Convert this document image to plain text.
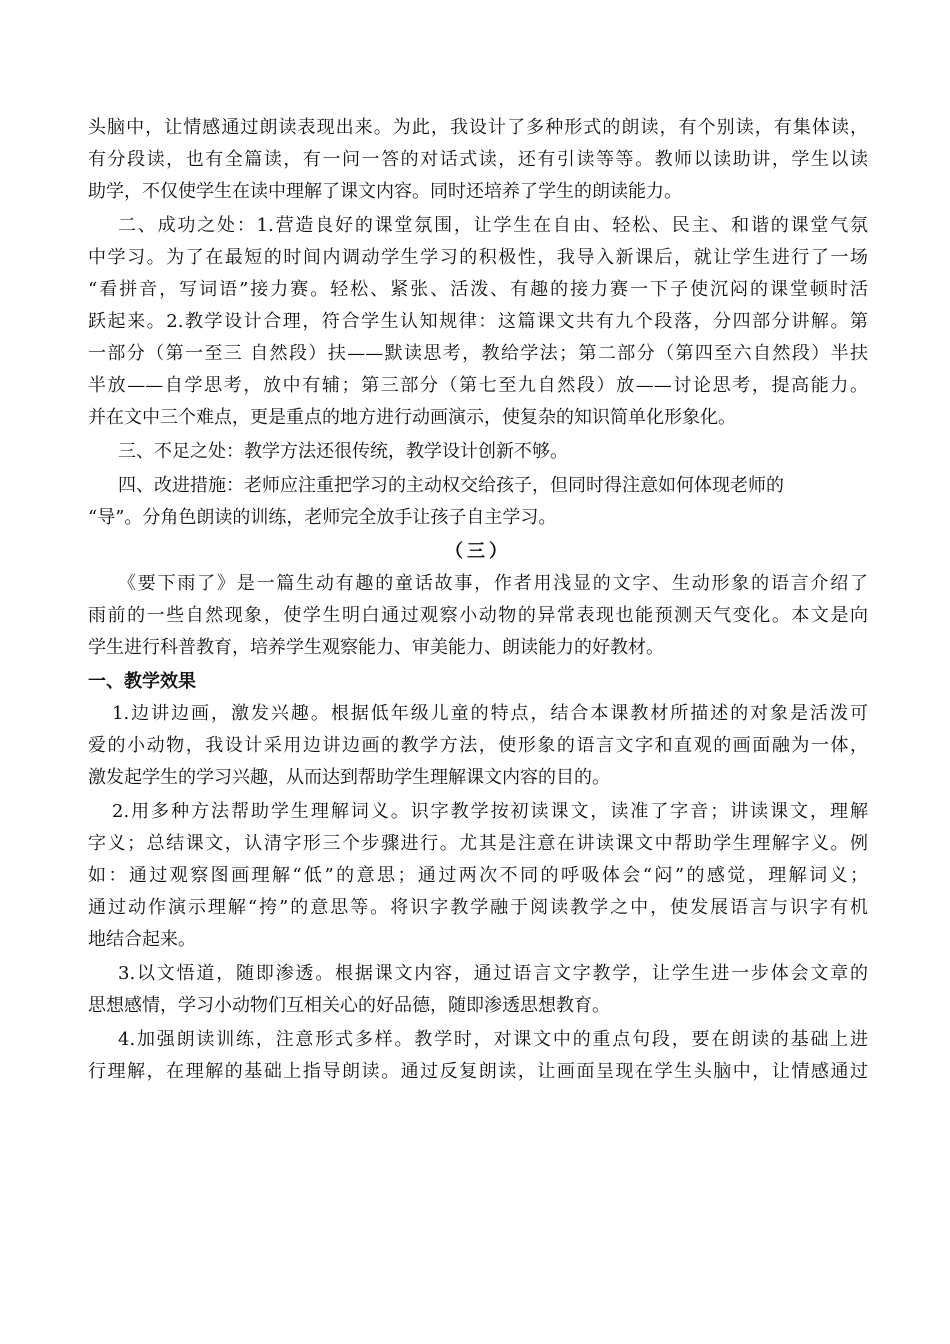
头脑中，让情感通过朗读表现出来。为此，我设计了多种形式的朗读，有个别读，有集体读，
有分段读，也有全篇读，有一问一答的对话式读，还有引读等等。教师以读助讲，学生以读
助学，不仅使学生在读中理解了课文内容。同时还培养了学生的朗读能力。
二、成功之处：1.营造良好的课堂氛围，让学生在自由、轻松、民主、和谐的课堂气氛
中学习。为了在最短的时间内调动学生学习的积极性，我导入新课后，就让学生进行了一场
“看拼音，写词语”接力赛。轻松、紧张、活泼、有趣的接力赛一下子使沉闷的课堂顿时活
跃起来。2.教学设计合理，符合学生认知规律：这篇课文共有九个段落，分四部分讲解。第
一部分（第一至三 自然段）扶——默读思考，教给学法；第二部分（第四至六自然段）半扶
半放——自学思考，放中有辅；第三部分（第七至九自然段）放——讨论思考，提高能力。
并在文中三个难点，更是重点的地方进行动画演示，使复杂的知识简单化形象化。
三、不足之处：教学方法还很传统，教学设计创新不够。
四、改进措施：老师应注重把学习的主动权交给孩子，但同时得注意如何体现老师的
“导”。分角色朗读的训练，老师完全放手让孩子自主学习。
（三）
《要下雨了》是一篇生动有趣的童话故事，作者用浅显的文字、生动形象的语言介绍了
雨前的一些自然现象，使学生明白通过观察小动物的异常表现也能预测天气变化。本文是向
学生进行科普教育，培养学生观察能力、审美能力、朗读能力的好教材。
一、教学效果
1.边讲边画，激发兴趣。根据低年级儿童的特点，结合本课教材所描述的对象是活泼可
爱的小动物，我设计采用边讲边画的教学方法，使形象的语言文字和直观的画面融为一体，
激发起学生的学习兴趣，从而达到帮助学生理解课文内容的目的。
2.用多种方法帮助学生理解词义。识字教学按初读课文，读准了字音；讲读课文，理解
字义；总结课文，认清字形三个步骤进行。尤其是注意在讲读课文中帮助学生理解字义。例
如：通过观察图画理解“低”的意思；通过两次不同的呼吸体会“闷”的感觉，理解词义；
通过动作演示理解“挎”的意思等。将识字教学融于阅读教学之中，使发展语言与识字有机
地结合起来。
3.以文悟道，随即渗透。根据课文内容，通过语言文字教学，让学生进一步体会文章的
思想感情，学习小动物们互相关心的好品德，随即渗透思想教育。
4.加强朗读训练，注意形式多样。教学时，对课文中的重点句段，要在朗读的基础上进
行理解，在理解的基础上指导朗读。通过反复朗读，让画面呈现在学生头脑中，让情感通过
